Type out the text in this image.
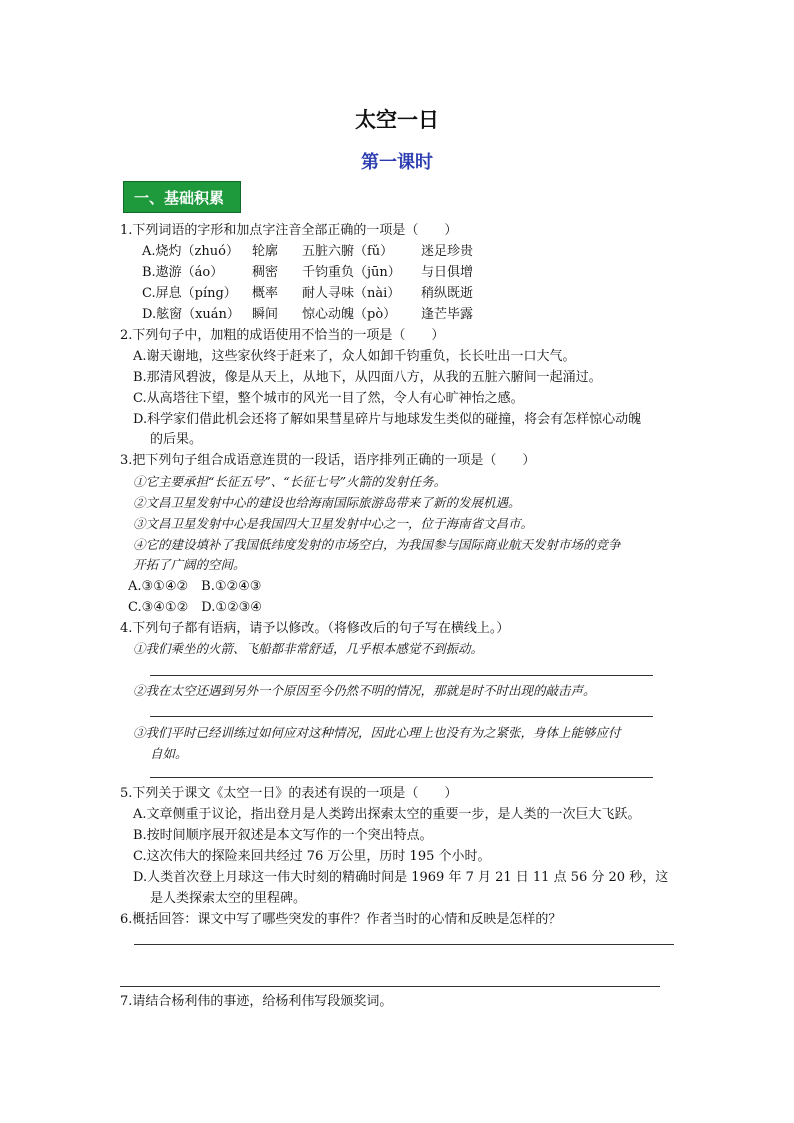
太空一日
第一课时
一、基础积累
1.下列词语的字形和加点字注音全部正确的一项是（　　）
A.烧灼（zhuó） 轮廓 五脏六腑（fǔ） 迷足珍贵
B.遨游（áo） 稠密 千钧重负（jūn） 与日俱增
C.屏息（píng） 概率 耐人寻味（nài） 稍纵既逝
D.舷窗（xuán） 瞬间 惊心动魄（pò） 逢芒毕露
2.下列句子中，加粗的成语使用不恰当的一项是（　　）
A.谢天谢地，这些家伙终于赶来了，众人如卸千钧重负，长长吐出一口大气。
B.那清风碧波，像是从天上，从地下，从四面八方，从我的五脏六腑间一起涌过。
C.从高塔往下望，整个城市的风光一目了然，令人有心旷神怡之感。
D.科学家们借此机会还将了解如果彗星碎片与地球发生类似的碰撞，将会有怎样惊心动魄
的后果。
3.把下列句子组合成语意连贯的一段话，语序排列正确的一项是（　　）
①它主要承担“长征五号”、“长征七号”火箭的发射任务。
②文昌卫星发射中心的建设也给海南国际旅游岛带来了新的发展机遇。
③文昌卫星发射中心是我国四大卫星发射中心之一，位于海南省文昌市。
④它的建设填补了我国低纬度发射的市场空白，为我国参与国际商业航天发射市场的竞争
开拓了广阔的空间。
A.③①④②　B.①②④③
C.③④①②　D.①②③④
4.下列句子都有语病，请予以修改。（将修改后的句子写在横线上。）
①我们乘坐的火箭、飞船都非常舒适，几乎根本感觉不到振动。
②我在太空还遇到另外一个原因至今仍然不明的情况，那就是时不时出现的敲击声。
③我们平时已经训练过如何应对这种情况，因此心理上也没有为之紧张，身体上能够应付
自如。
5.下列关于课文《太空一日》的表述有误的一项是（　　）
A.文章侧重于议论，指出登月是人类跨出探索太空的重要一步，是人类的一次巨大飞跃。
B.按时间顺序展开叙述是本文写作的一个突出特点。
C.这次伟大的探险来回共经过 76 万公里，历时 195 个小时。
D.人类首次登上月球这一伟大时刻的精确时间是 1969 年 7 月 21 日 11 点 56 分 20 秒，这
是人类探索太空的里程碑。
6.概括回答：课文中写了哪些突发的事件？作者当时的心情和反映是怎样的？
7.请结合杨利伟的事迹，给杨利伟写段颁奖词。
